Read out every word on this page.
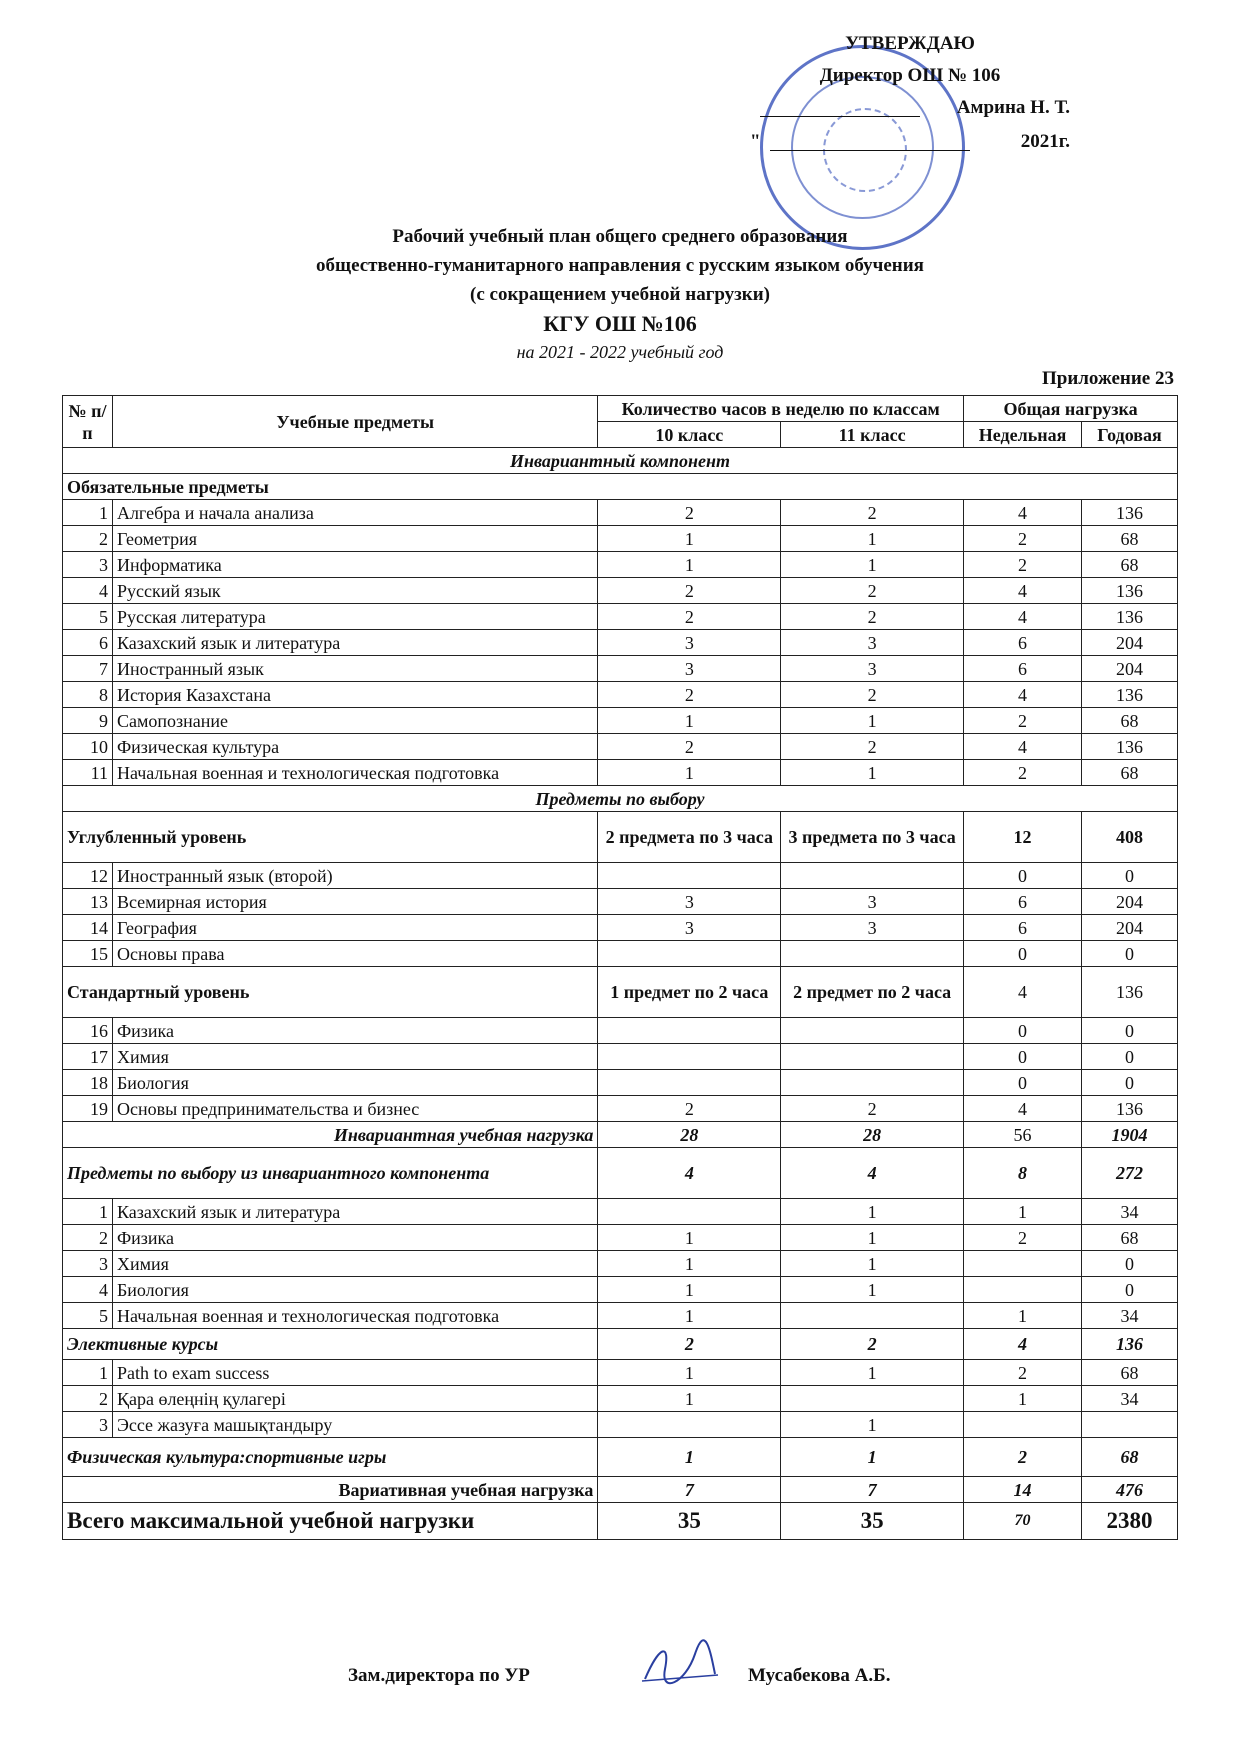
УТВЕРЖДАЮ
Директор ОШ № 106
Амрина Н. Т.
"	2021г.
Рабочий учебный план общего среднего образования
общественно-гуманитарного направления с русским языком обучения
(с сокращением учебной нагрузки)
КГУ ОШ №106
на 2021 - 2022 учебный год
Приложение 23
№ п/п	Учебные предметы	Количество часов в неделю по классам		Общая нагрузка	
		10 класс	11 класс	Недельная	Годовая
Инвариантный компонент					
Обязательные предметы					
1	Алгебра и начала анализа	2	2	4	136
2	Геометрия	1	1	2	68
3	Информатика	1	1	2	68
4	Русский язык	2	2	4	136
5	Русская литература	2	2	4	136
6	Казахский язык и литература	3	3	6	204
7	Иностранный язык	3	3	6	204
8	История Казахстана	2	2	4	136
9	Самопознание	1	1	2	68
10	Физическая культура	2	2	4	136
11	Начальная военная и технологическая подготовка	1	1	2	68
Предметы по выбору					
Углубленный уровень		2 предмета по 3 часа	3 предмета по 3 часа	12	408
12	Иностранный язык (второй)			0	0
13	Всемирная история	3	3	6	204
14	География	3	3	6	204
15	Основы права			0	0
Стандартный уровень		1 предмет по 2 часа	2 предмет по 2 часа	4	136
16	Физика			0	0
17	Химия			0	0
18	Биология			0	0
19	Основы предпринимательства и бизнес	2	2	4	136
Инвариантная учебная нагрузка		28	28	56	1904
Предметы по выбору из инвариантного компонента		4	4	8	272
1	Казахский язык и литература		1	1	34
2	Физика	1	1	2	68
3	Химия	1	1		0
4	Биология	1	1		0
5	Начальная военная и технологическая подготовка	1		1	34
Элективные курсы		2	2	4	136
1	Path to exam success	1	1	2	68
2	Қара өлеңнің қулагері	1		1	34
3	Эссе жазуға машықтандыру		1		
Физическая культура:спортивные игры		1	1	2	68
Вариативная учебная нагрузка		7	7	14	476
Всего максимальной учебной нагрузки		35	35	70	2380
Зам.директора по УР	Мусабекова А.Б.
